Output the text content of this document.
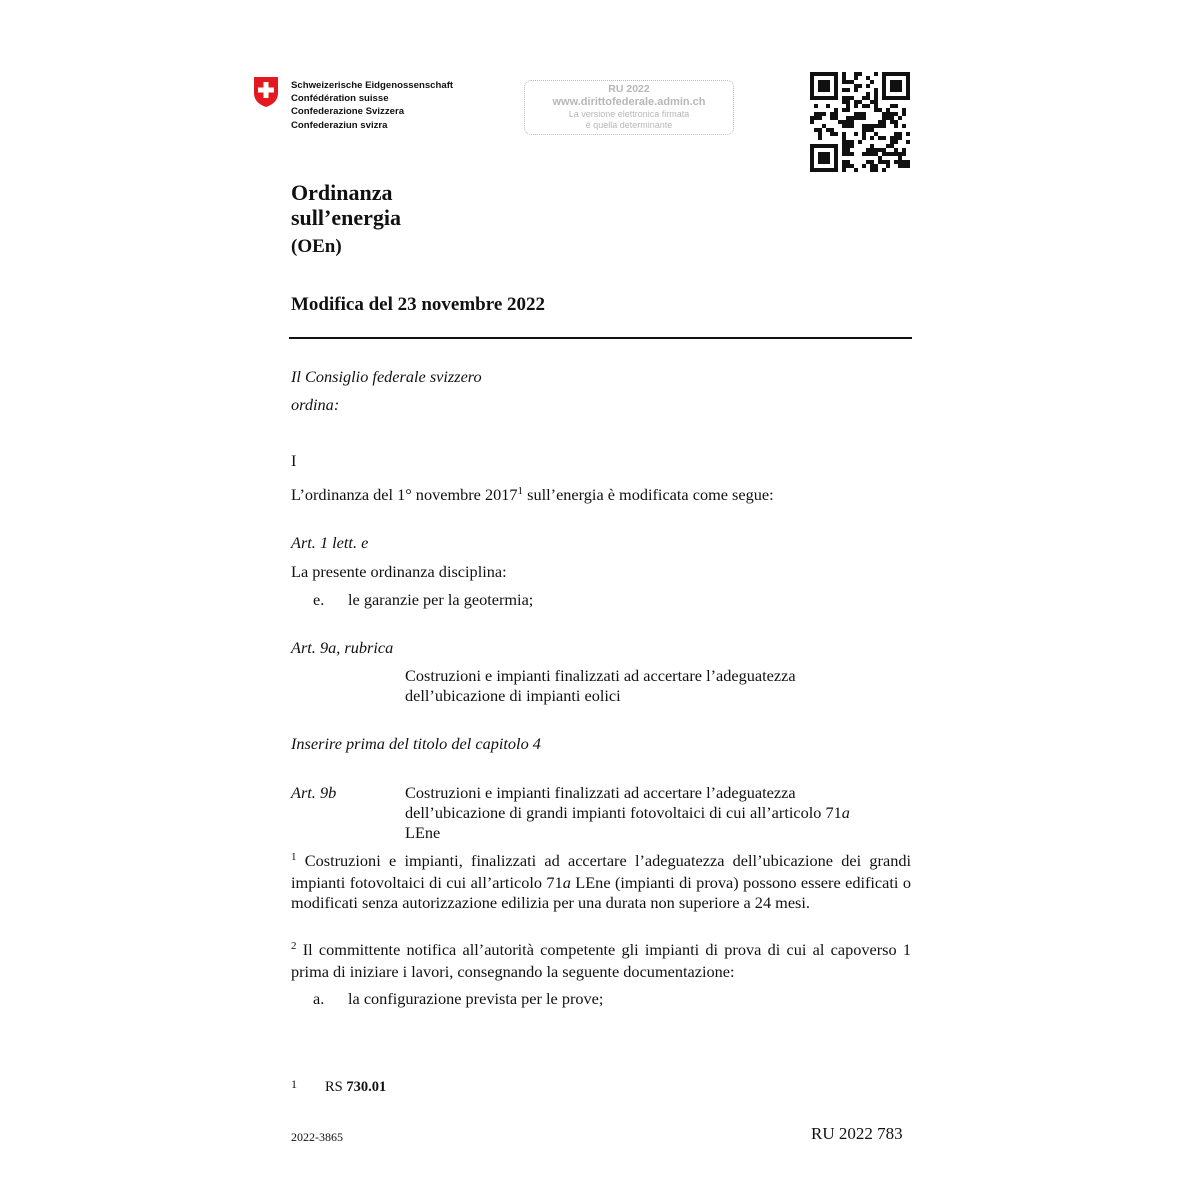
Schweizerische Eidgenossenschaft
Confédération suisse
Confederazione Svizzera
Confederaziun svizra
RU 2022
www.dirittofederale.admin.ch
La versione elettronica firmata
è quella determinante
Ordinanza
sull’energia
(OEn)
Modifica del 23 novembre 2022
Il Consiglio federale svizzero
ordina:
I
L’ordinanza del 1° novembre 2017$^1$ sull’energia è modificata come segue:
Art. 1 lett. e
La presente ordinanza disciplina:
e. le garanzie per la geotermia;
Art. 9a, rubrica
Costruzioni e impianti finalizzati ad accertare l’adeguatezza
dell’ubicazione di impianti eolici
Inserire prima del titolo del capitolo 4
Art. 9b	Costruzioni e impianti finalizzati ad accertare l’adeguatezza
dell’ubicazione di grandi impianti fotovoltaici di cui all’articolo 71a
LEne
$^1$ Costruzioni e impianti, finalizzati ad accertare l’adeguatezza dell’ubicazione dei grandi impianti fotovoltaici di cui all’articolo 71a LEne (impianti di prova) possono essere edificati o modificati senza autorizzazione edilizia per una durata non superiore a 24 mesi.
$^2$ Il committente notifica all’autorità competente gli impianti di prova di cui al capoverso 1 prima di iniziare i lavori, consegnando la seguente documentazione:
a. la configurazione prevista per le prove;
1 RS 730.01
2022-3865	RU 2022 783
